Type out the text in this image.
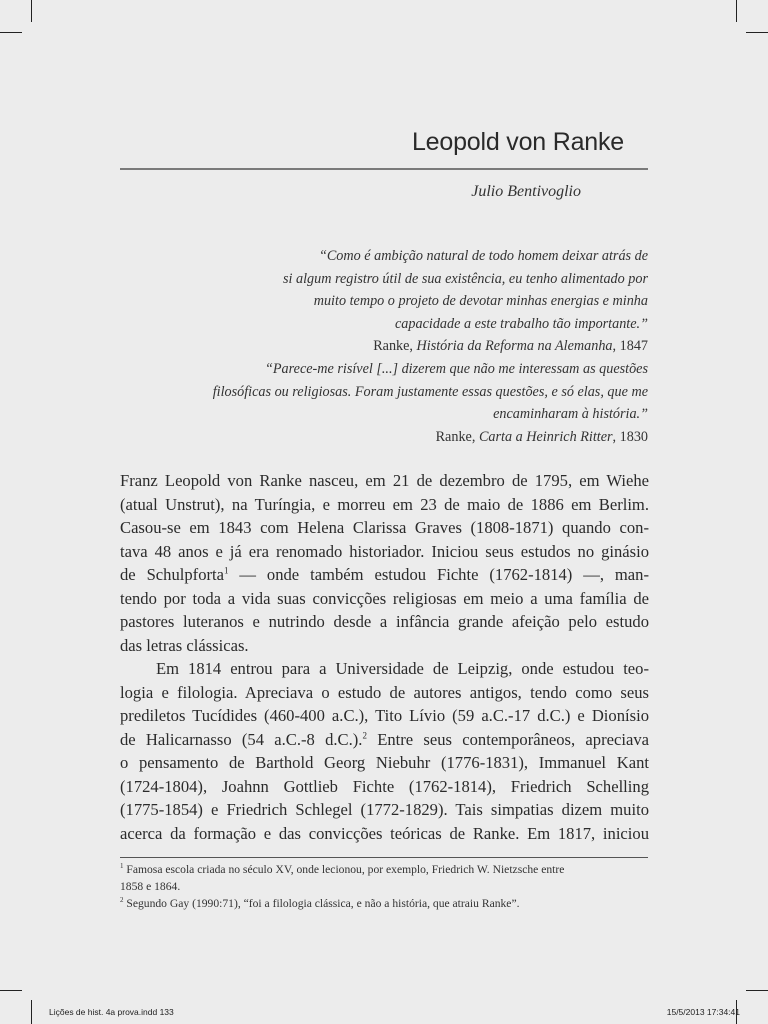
Leopold von Ranke
Julio Bentivoglio
“Como é ambição natural de todo homem deixar atrás de
si algum registro útil de sua existência, eu tenho alimentado por
muito tempo o projeto de devotar minhas energias e minha
capacidade a este trabalho tão importante.”
Ranke, História da Reforma na Alemanha, 1847
“Parece-me risível [...] dizerem que não me interessam as questões
filosóficas ou religiosas. Foram justamente essas questões, e só elas, que me
encaminharam à história.”
Ranke, Carta a Heinrich Ritter, 1830
Franz Leopold von Ranke nasceu, em 21 de dezembro de 1795, em Wiehe
(atual Unstrut), na Turíngia, e morreu em 23 de maio de 1886 em Berlim.
Casou-se em 1843 com Helena Clarissa Graves (1808-1871) quando con-
tava 48 anos e já era renomado historiador. Iniciou seus estudos no ginásio
de Schulpforta$^1$ — onde também estudou Fichte (1762-1814) —, man-
tendo por toda a vida suas convicções religiosas em meio a uma família de
pastores luteranos e nutrindo desde a infância grande afeição pelo estudo
das letras clássicas.
Em 1814 entrou para a Universidade de Leipzig, onde estudou teo-
logia e filologia. Apreciava o estudo de autores antigos, tendo como seus
prediletos Tucídides (460-400 a.C.), Tito Lívio (59 a.C.-17 d.C.) e Dionísio
de Halicarnasso (54 a.C.-8 d.C.).$^2$ Entre seus contemporâneos, apreciava
o pensamento de Barthold Georg Niebuhr (1776-1831), Immanuel Kant
(1724-1804), Joahnn Gottlieb Fichte (1762-1814), Friedrich Schelling
(1775-1854) e Friedrich Schlegel (1772-1829). Tais simpatias dizem muito
acerca da formação e das convicções teóricas de Ranke. Em 1817, iniciou
$^1$ Famosa escola criada no século XV, onde lecionou, por exemplo, Friedrich W. Nietzsche entre
1858 e 1864.
$^2$ Segundo Gay (1990:71), “foi a filologia clássica, e não a história, que atraiu Ranke”.
Lições de hist. 4a prova.indd 133	15/5/2013 17:34:41
